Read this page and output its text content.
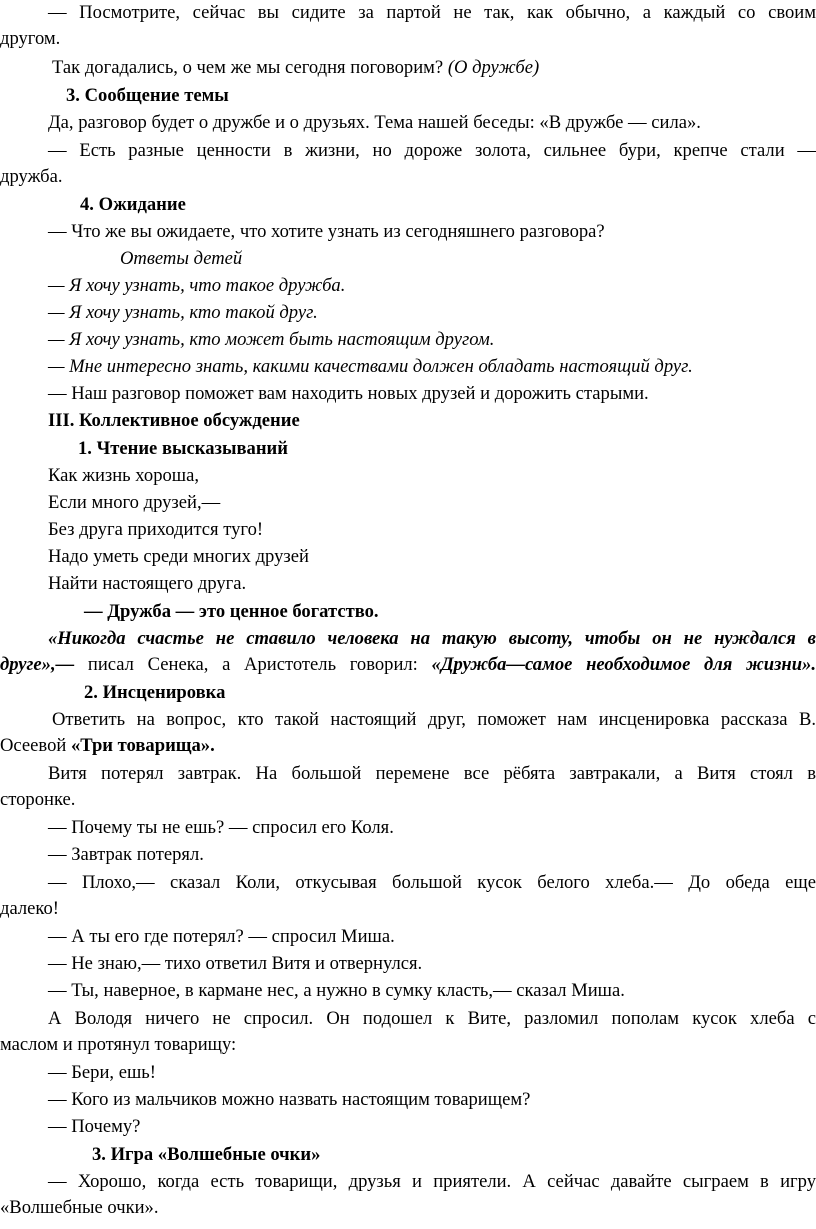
— Посмотрите, сейчас вы сидите за партой не так, как обычно, а каждый со своим
другом.
Так догадались, о чем же мы сегодня поговорим? (О дружбе)
3. Сообщение темы
Да, разговор будет о дружбе и о друзьях. Тема нашей беседы: «В дружбе — сила».
— Есть разные ценности в жизни, но дороже золота, сильнее бури, крепче стали —
дружба.
4. Ожидание
— Что же вы ожидаете, что хотите узнать из сегодняшнего разговора?
Ответы детей
— Я хочу узнать, что такое дружба.
— Я хочу узнать, кто такой друг.
— Я хочу узнать, кто может быть настоящим другом.
— Мне интересно знать, какими качествами должен обладать настоящий друг.
— Наш разговор поможет вам находить новых друзей и дорожить старыми.
III. Коллективное обсуждение
1. Чтение высказываний
Как жизнь хороша,
Если много друзей,—
Без друга приходится туго!
Надо уметь среди многих друзей
Найти настоящего друга.
— Дружба — это ценное богатство.
«Никогда счастье не ставило человека на такую высоту, чтобы он не нуждался в
друге»,— писал Сенека, а Аристотель говорил: «Дружба—самое необходимое для жизни».
2. Инсценировка
Ответить на вопрос, кто такой настоящий друг, поможет нам инсценировка рассказа В.
Осеевой «Три товарища».
Витя потерял завтрак. На большой перемене все рёбята завтракали, а Витя стоял в
сторонке.
— Почему ты не ешь? — спросил его Коля.
— Завтрак потерял.
— Плохо,— сказал Коли, откусывая большой кусок белого хлеба.— До обеда еще
далеко!
— А ты его где потерял? — спросил Миша.
— Не знаю,— тихо ответил Витя и отвернулся.
— Ты, наверное, в кармане нес, а нужно в сумку класть,— сказал Миша.
А Володя ничего не спросил. Он подошел к Вите, разломил пополам кусок хлеба с
маслом и протянул товарищу:
— Бери, ешь!
— Кого из мальчиков можно назвать настоящим товарищем?
— Почему?
3. Игра «Волшебные очки»
— Хорошо, когда есть товарищи, друзья и приятели. А сейчас давайте сыграем в игру
«Волшебные очки».
